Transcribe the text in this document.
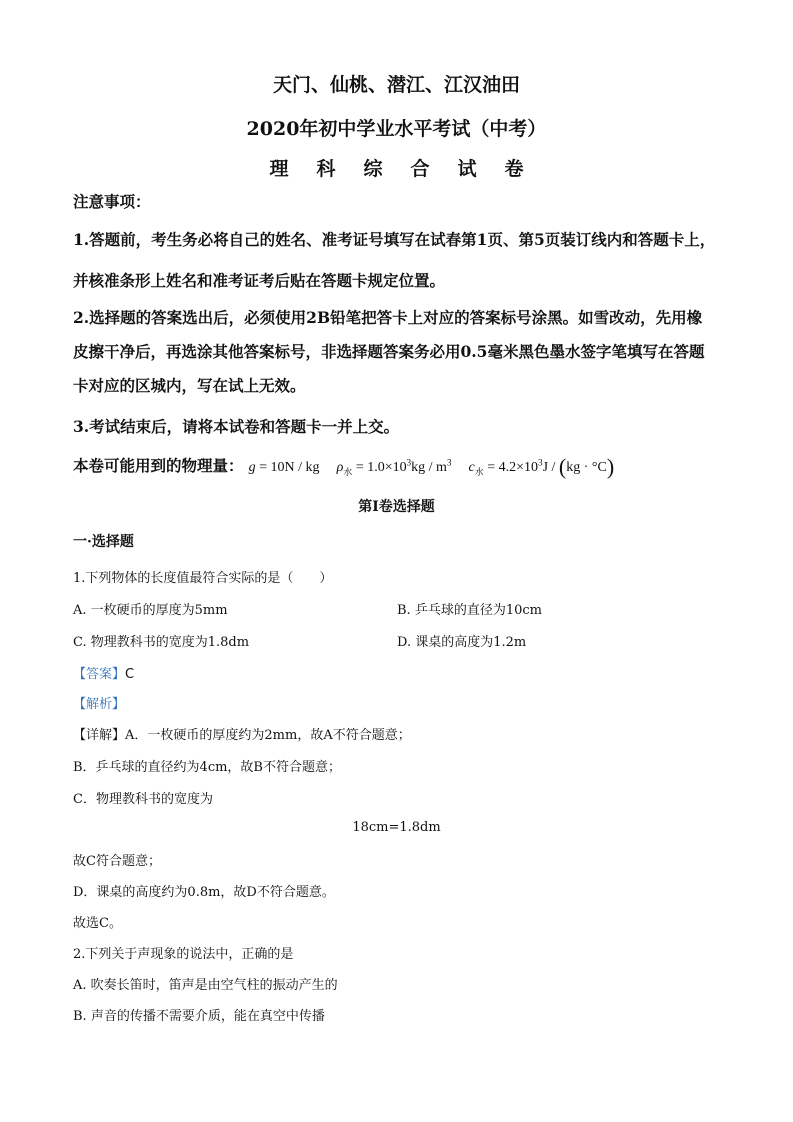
天门、仙桃、潜江、江汉油田
2020年初中学业水平考试（中考）
理科综合试卷
注意事项：
1.答题前，考生务必将自己的姓名、准考证号填写在试春第1页、第5页装订线内和答题卡上，
并核准条形上姓名和准考证考后贴在答题卡规定位置。
2.选择题的答案选出后，必须使用2B铅笔把答卡上对应的答案标号涂黑。如雪改动，先用橡
皮擦干净后，再选涂其他答案标号，非选择题答案务必用0.5毫米黑色墨水签字笔填写在答题
卡对应的区城内，写在试上无效。
3.考试结束后，请将本试卷和答题卡一并上交。
本卷可能用到的物理量： g = 10N / kg $\rho_水 = 1.0\times 10^3kg / m^3$ $c_水 = 4.2\times 10^3J / (kg \cdot ^\circ C)$
第I卷选择题
一·选择题
1.下列物体的长度值最符合实际的是（　　）
A. 一枚硬币的厚度为5mm	B. 乒乓球的直径为10cm
C. 物理教科书的宽度为1.8dm	D. 课桌的高度为1.2m
【答案】C
【解析】
【详解】A．一枚硬币的厚度约为2mm，故A不符合题意；
B．乒乓球的直径约为4cm，故B不符合题意；
C．物理教科书的宽度为
18cm=1.8dm
故C符合题意；
D．课桌的高度约为0.8m，故D不符合题意。
故选C。
2.下列关于声现象的说法中，正确的是
A. 吹奏长笛时，笛声是由空气柱的振动产生的
B. 声音的传播不需要介质，能在真空中传播
